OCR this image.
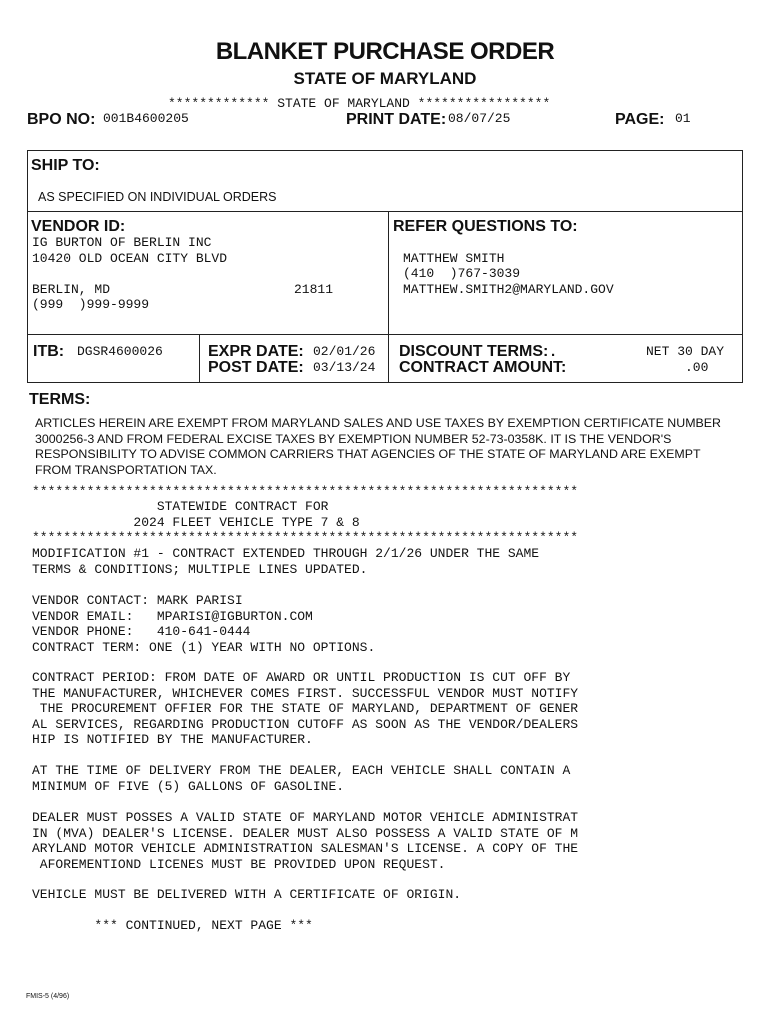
BLANKET PURCHASE ORDER
STATE OF MARYLAND
************* STATE OF MARYLAND *****************
BPO NO: 001B4600205	PRINT DATE: 08/07/25	PAGE: 01
SHIP TO:
AS SPECIFIED ON INDIVIDUAL ORDERS
VENDOR ID:
IG BURTON OF BERLIN INC
10420 OLD OCEAN CITY BLVD
BERLIN, MD	21811
(999  )999-9999
REFER QUESTIONS TO:
MATTHEW SMITH
(410  )767-3039
MATTHEW.SMITH2@MARYLAND.GOV
ITB: DGSR4600026	EXPR DATE: 02/01/26
POST DATE: 03/13/24
DISCOUNT TERMS: .	NET 30 DAY
CONTRACT AMOUNT:	.00
TERMS:
ARTICLES HEREIN ARE EXEMPT FROM MARYLAND SALES AND USE TAXES BY EXEMPTION CERTIFICATE NUMBER 3000256-3 AND FROM FEDERAL EXCISE TAXES BY EXEMPTION NUMBER 52-73-0358K. IT IS THE VENDOR'S RESPONSIBILITY TO ADVISE COMMON CARRIERS THAT AGENCIES OF THE STATE OF MARYLAND ARE EXEMPT FROM TRANSPORTATION TAX.
**********************************************************************
STATEWIDE CONTRACT FOR
2024 FLEET VEHICLE TYPE 7 & 8
**********************************************************************
MODIFICATION #1 - CONTRACT EXTENDED THROUGH 2/1/26 UNDER THE SAME
TERMS & CONDITIONS; MULTIPLE LINES UPDATED.
VENDOR CONTACT: MARK PARISI
VENDOR EMAIL:   MPARISI@IGBURTON.COM
VENDOR PHONE:   410-641-0444
CONTRACT TERM: ONE (1) YEAR WITH NO OPTIONS.
CONTRACT PERIOD: FROM DATE OF AWARD OR UNTIL PRODUCTION IS CUT OFF BY
THE MANUFACTURER, WHICHEVER COMES FIRST. SUCCESSFUL VENDOR MUST NOTIFY
THE PROCUREMENT OFFIER FOR THE STATE OF MARYLAND, DEPARTMENT OF GENER
AL SERVICES, REGARDING PRODUCTION CUTOFF AS SOON AS THE VENDOR/DEALERS
HIP IS NOTIFIED BY THE MANUFACTURER.
AT THE TIME OF DELIVERY FROM THE DEALER, EACH VEHICLE SHALL CONTAIN A
MINIMUM OF FIVE (5) GALLONS OF GASOLINE.
DEALER MUST POSSES A VALID STATE OF MARYLAND MOTOR VEHICLE ADMINISTRAT
IN (MVA) DEALER'S LICENSE. DEALER MUST ALSO POSSESS A VALID STATE OF M
ARYLAND MOTOR VEHICLE ADMINISTRATION SALESMAN'S LICENSE. A COPY OF THE
AFOREMENTIOND LICENES MUST BE PROVIDED UPON REQUEST.
VEHICLE MUST BE DELIVERED WITH A CERTIFICATE OF ORIGIN.
*** CONTINUED, NEXT PAGE ***
FMIS-5 (4/96)
